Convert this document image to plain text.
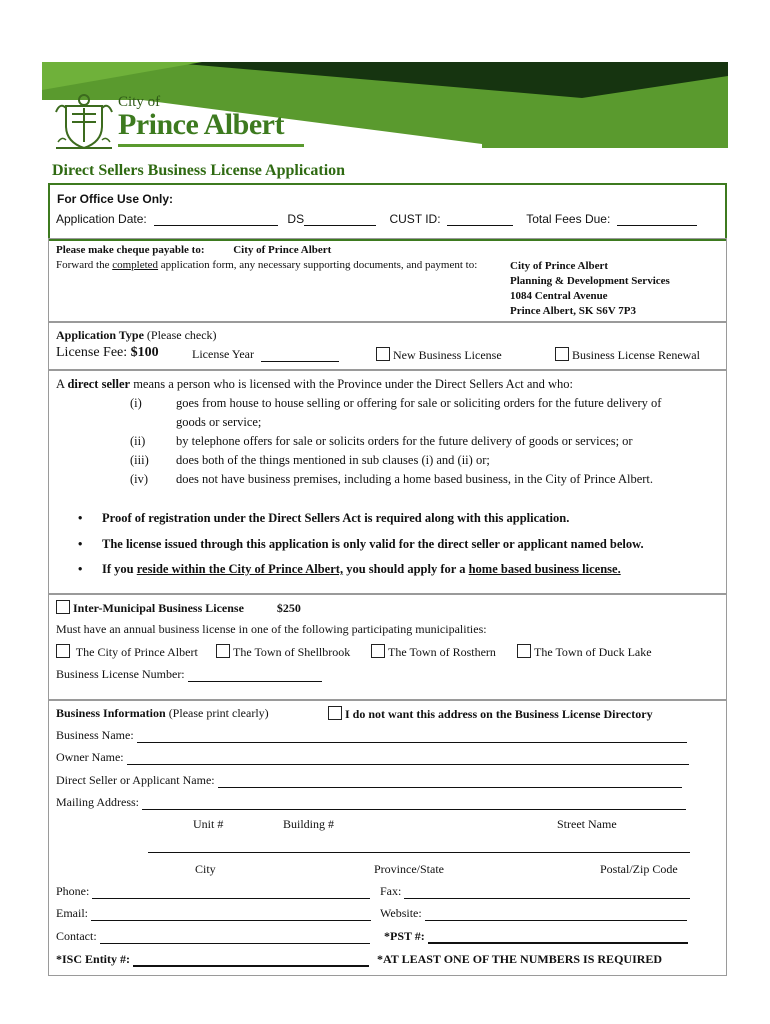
City of
Prince Albert
Direct Sellers Business License Application
For Office Use Only:
Application Date:	DS	CUST ID:	Total Fees Due:
Please make cheque payable to:	City of Prince Albert
Forward the completed application form, any necessary supporting documents, and payment to:	City of Prince Albert
Planning & Development Services
1084 Central Avenue
Prince Albert, SK S6V 7P3
Application Type (Please check)
License Fee: $100	License Year	New Business License	Business License Renewal
A direct seller means a person who is licensed with the Province under the Direct Sellers Act and who:
(i)	goes from house to house selling or offering for sale or soliciting orders for the future delivery of
goods or service;
(ii) by telephone offers for sale or solicits orders for the future delivery of goods or services; or
(iii) does both of the things mentioned in sub clauses (i) and (ii) or;
(iv) does not have business premises, including a home based business, in the City of Prince Albert.
• Proof of registration under the Direct Sellers Act is required along with this application.
• The license issued through this application is only valid for the direct seller or applicant named below.
• If you reside within the City of Prince Albert, you should apply for a home based business license.
Inter-Municipal Business License	$250
Must have an annual business license in one of the following participating municipalities:
The City of Prince Albert	The Town of Shellbrook	The Town of Rosthern	The Town of Duck Lake
Business License Number:
Business Information (Please print clearly)	I do not want this address on the Business License Directory
Business Name:
Owner Name:
Direct Seller or Applicant Name:
Mailing Address:
Unit #	Building #	Street Name
City	Province/State	Postal/Zip Code
Phone:	Fax:
Email:	Website:
Contact:	*PST #:
*ISC Entity #:	*AT LEAST ONE OF THE NUMBERS IS REQUIRED
